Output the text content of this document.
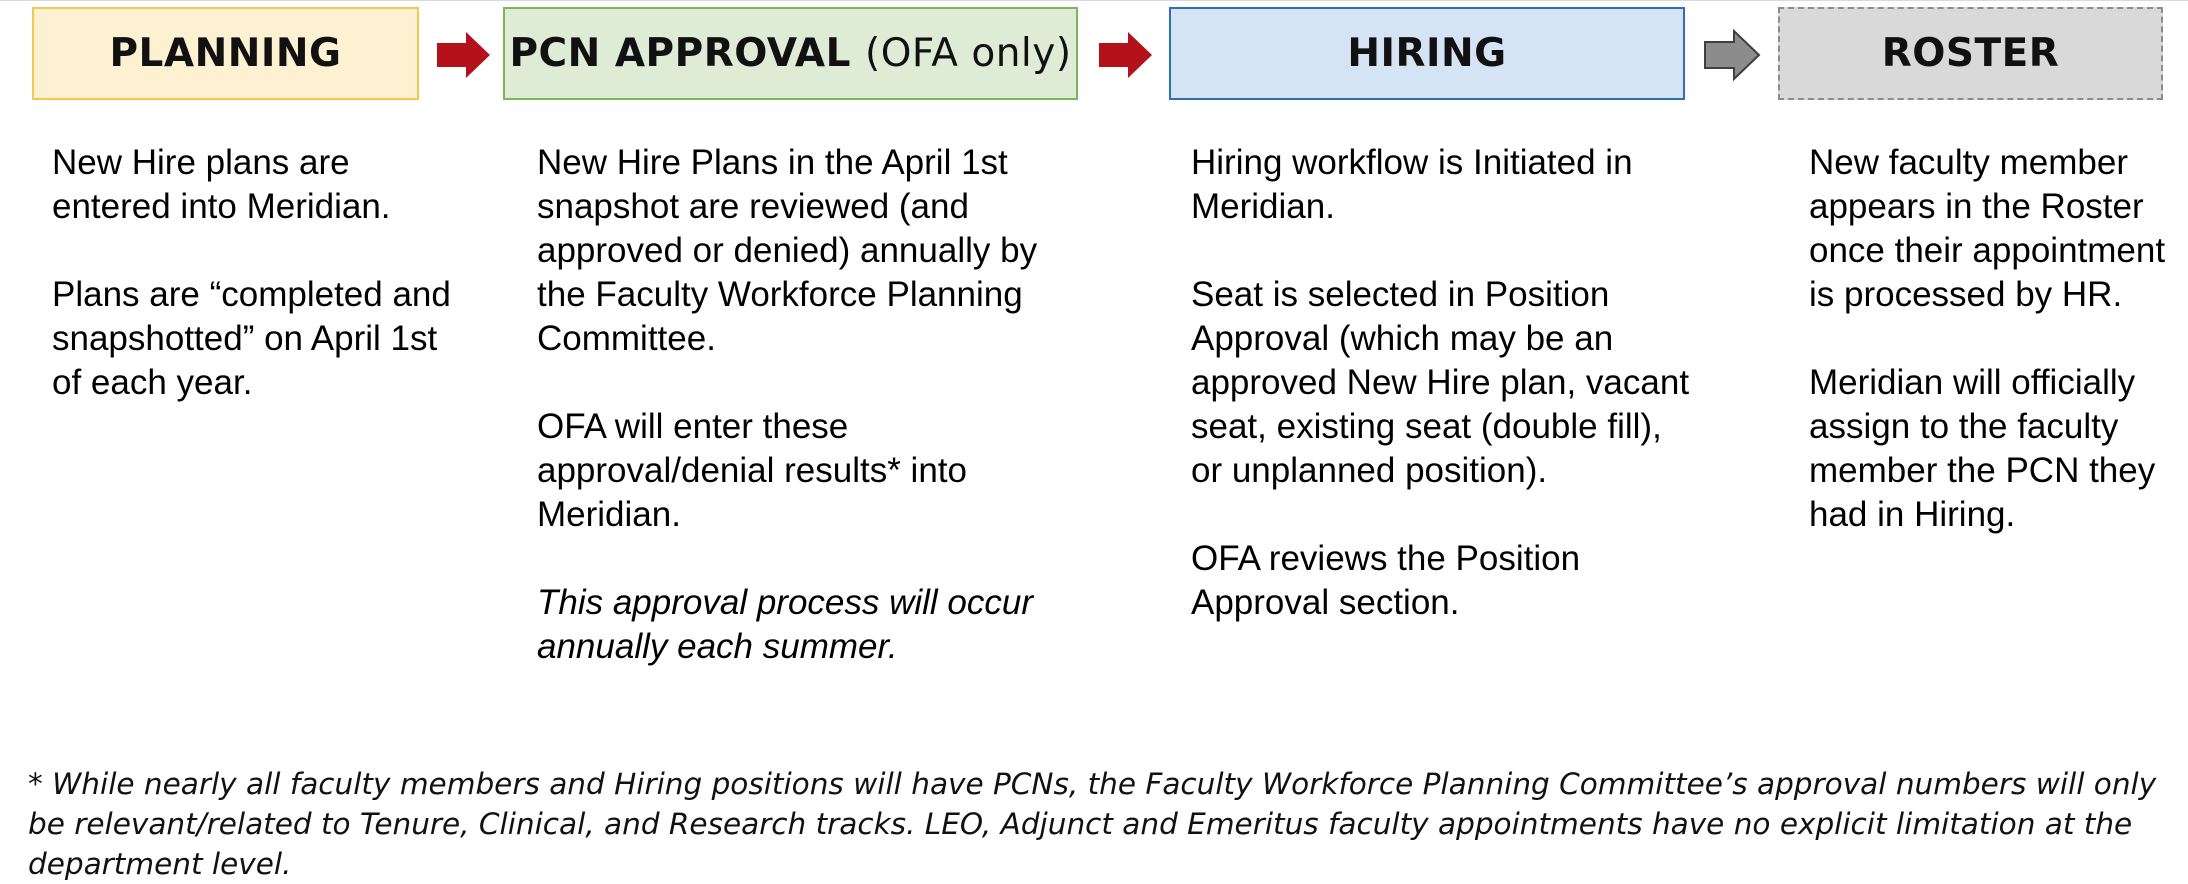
PLANNING	PCN APPROVAL
(OFA only)	HIRING	ROSTER

New Hire plans are entered into Meridian.

Plans are “completed and snapshotted” on April 1st of each year.

New Hire Plans in the April 1st snapshot are reviewed (and approved or denied) annually by the Faculty Workforce Planning Committee.

OFA will enter these approval/denial results* into Meridian.

This approval process will occur annually each summer.

Hiring workflow is Initiated in Meridian.

Seat is selected in Position Approval (which may be an approved New Hire plan, vacant seat, existing seat (double fill), or unplanned position).

OFA reviews the Position Approval section.

New faculty member appears in the Roster once their appointment is processed by HR.

Meridian will officially assign to the faculty member the PCN they had in Hiring.

* While nearly all faculty members and Hiring positions will have PCNs, the Faculty Workforce Planning Committee’s approval numbers will only be relevant/related to Tenure, Clinical, and Research tracks. LEO, Adjunct and Emeritus faculty appointments have no explicit limitation at the department level.
